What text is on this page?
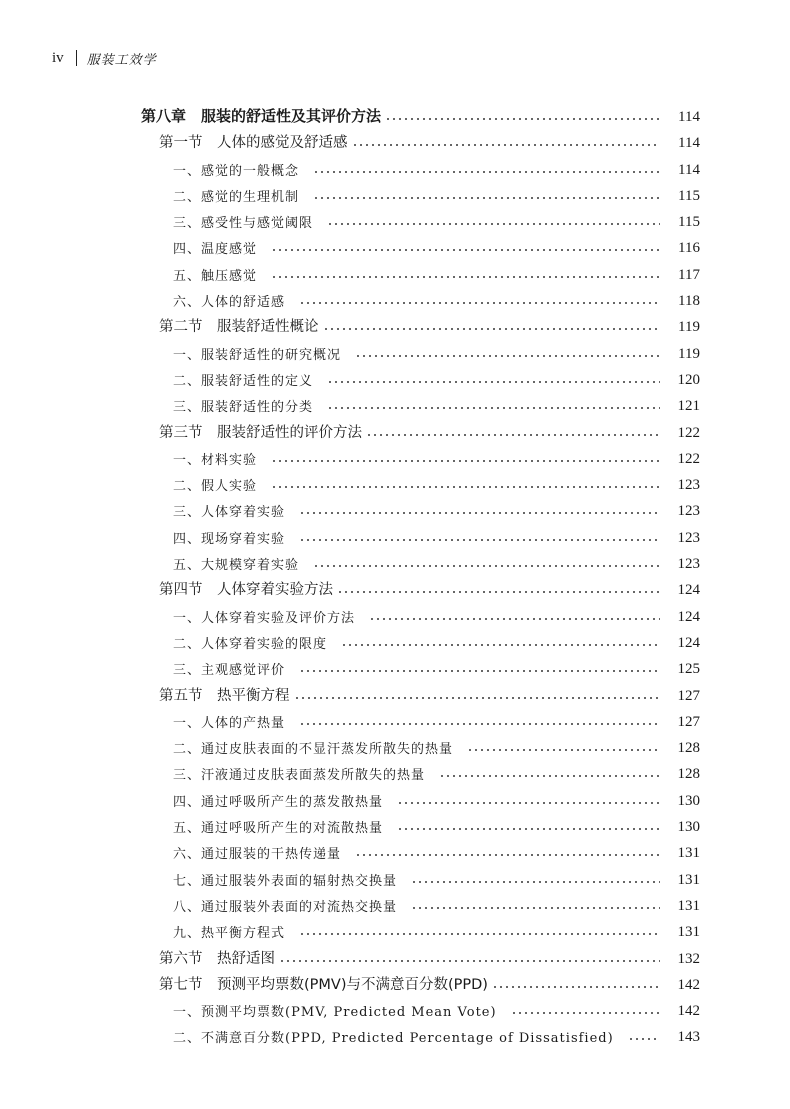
iv 服装工效学
第八章　服装的舒适性及其评价方法	114
第一节　人体的感觉及舒适感	114
一、感觉的一般概念	114
二、感觉的生理机制	115
三、感受性与感觉阈限	115
四、温度感觉	116
五、触压感觉	117
六、人体的舒适感	118
第二节　服装舒适性概论	119
一、服装舒适性的研究概况	119
二、服装舒适性的定义	120
三、服装舒适性的分类	121
第三节　服装舒适性的评价方法	122
一、材料实验	122
二、假人实验	123
三、人体穿着实验	123
四、现场穿着实验	123
五、大规模穿着实验	123
第四节　人体穿着实验方法	124
一、人体穿着实验及评价方法	124
二、人体穿着实验的限度	124
三、主观感觉评价	125
第五节　热平衡方程	127
一、人体的产热量	127
二、通过皮肤表面的不显汗蒸发所散失的热量	128
三、汗液通过皮肤表面蒸发所散失的热量	128
四、通过呼吸所产生的蒸发散热量	130
五、通过呼吸所产生的对流散热量	130
六、通过服装的干热传递量	131
七、通过服装外表面的辐射热交换量	131
八、通过服装外表面的对流热交换量	131
九、热平衡方程式	131
第六节　热舒适图	132
第七节　预测平均票数(PMV)与不满意百分数(PPD)	142
一、预测平均票数(PMV, Predicted Mean Vote)	142
二、不满意百分数(PPD, Predicted Percentage of Dissatisfied)	143
